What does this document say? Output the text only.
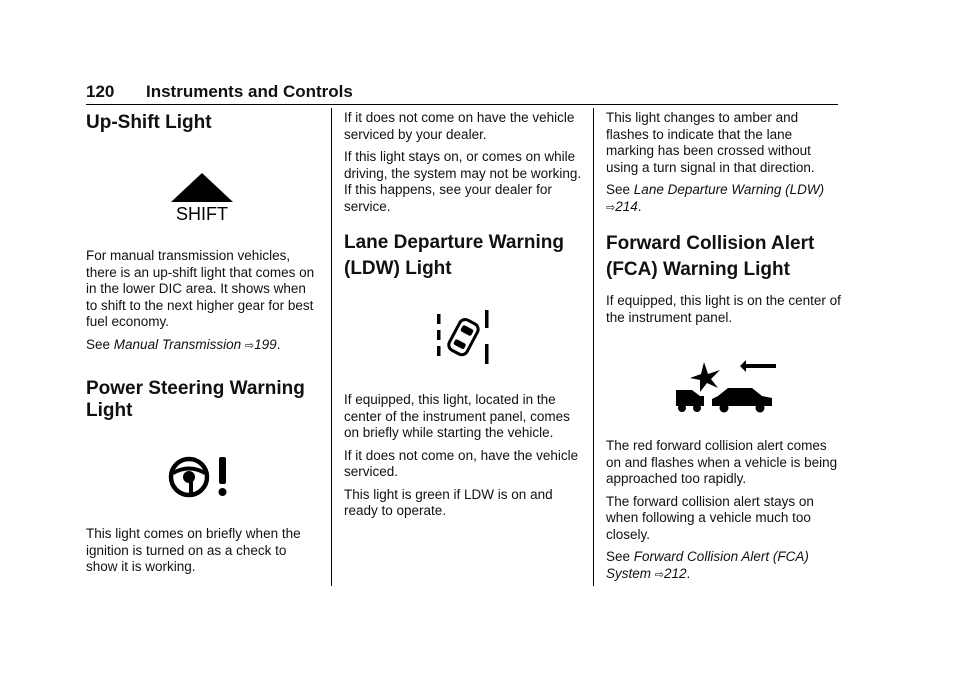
120 Instruments and Controls
Up-Shift Light
SHIFT

For manual transmission vehicles, there is an up-shift light that comes on in the lower DIC area. It shows when to shift to the next higher gear for best fuel economy.

See Manual Transmission ⇨199.

Power Steering Warning
Light

This light comes on briefly when the ignition is turned on as a check to show it is working.

If it does not come on have the vehicle serviced by your dealer.

If this light stays on, or comes on while driving, the system may not be working. If this happens, see your dealer for service.

Lane Departure Warning
(LDW) Light

If equipped, this light, located in the center of the instrument panel, comes on briefly while starting the vehicle.

If it does not come on, have the vehicle serviced.

This light is green if LDW is on and ready to operate.

This light changes to amber and flashes to indicate that the lane marking has been crossed without using a turn signal in that direction.

See Lane Departure Warning (LDW)
⇨214.

Forward Collision Alert
(FCA) Warning Light

If equipped, this light is on the center of the instrument panel.

The red forward collision alert comes on and flashes when a vehicle is being approached too rapidly.

The forward collision alert stays on when following a vehicle much too closely.

See Forward Collision Alert (FCA)
System ⇨212.
